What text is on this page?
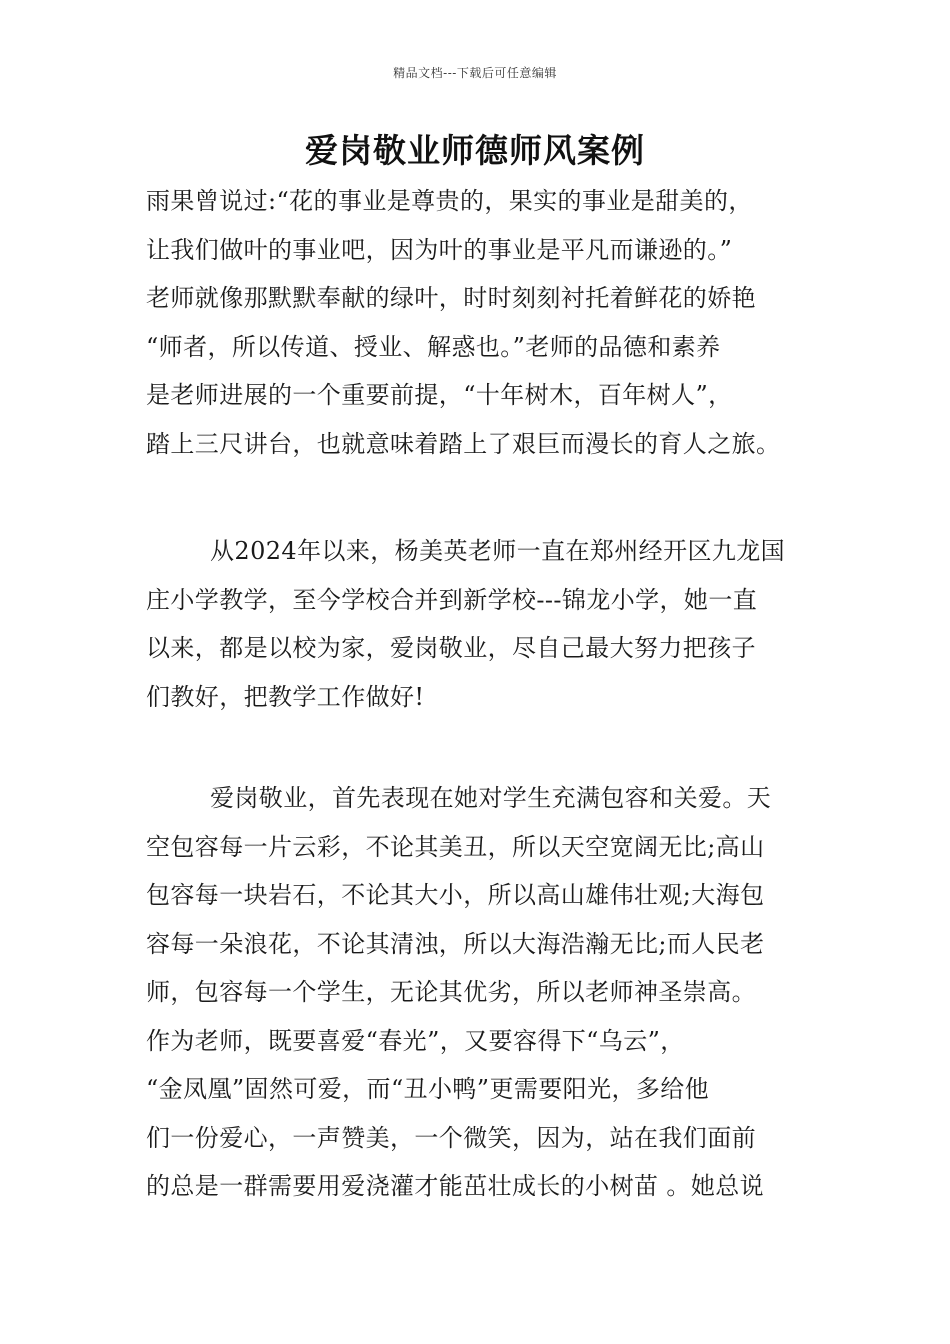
精品文档---下载后可任意编辑
爱岗敬业师德师风案例
雨果曾说过:“花的事业是尊贵的，果实的事业是甜美的，
让我们做叶的事业吧，因为叶的事业是平凡而谦逊的。”
老师就像那默默奉献的绿叶，时时刻刻衬托着鲜花的娇艳
“师者，所以传道、授业、解惑也。”老师的品德和素养
是老师进展的一个重要前提，“十年树木，百年树人”，
踏上三尺讲台，也就意味着踏上了艰巨而漫长的育人之旅。
从2024年以来，杨美英老师一直在郑州经开区九龙国
庄小学教学，至今学校合并到新学校---锦龙小学，她一直
以来，都是以校为家，爱岗敬业，尽自己最大努力把孩子
们教好，把教学工作做好!
爱岗敬业，首先表现在她对学生充满包容和关爱。天
空包容每一片云彩，不论其美丑，所以天空宽阔无比;高山
包容每一块岩石，不论其大小，所以高山雄伟壮观;大海包
容每一朵浪花，不论其清浊，所以大海浩瀚无比;而人民老
师，包容每一个学生，无论其优劣，所以老师神圣崇高。
作为老师，既要喜爱“春光”，又要容得下“乌云”，
“金凤凰”固然可爱，而“丑小鸭”更需要阳光，多给他
们一份爱心，一声赞美，一个微笑，因为，站在我们面前
的总是一群需要用爱浇灌才能茁壮成长的小树苗 。她总说
